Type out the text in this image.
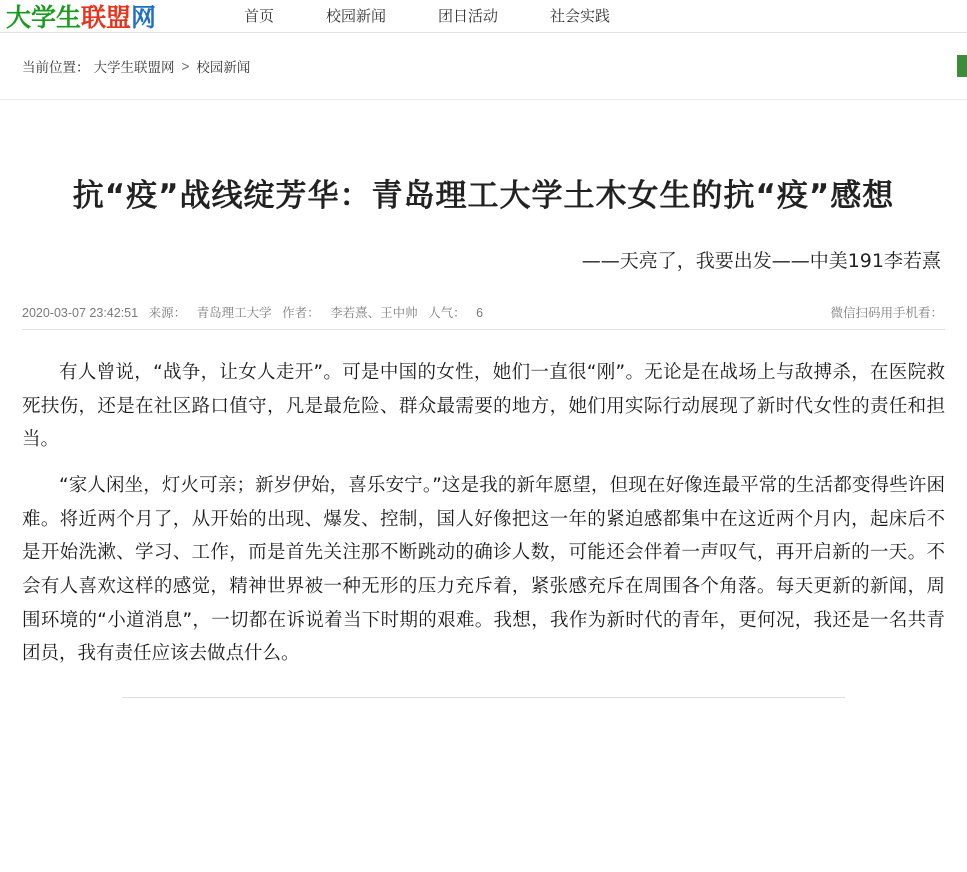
大学生 联盟 网	首页	校园新闻	团日活动	社会实践
当前位置： 大学生联盟网 > 校园新闻
抗“疫”战线绽芳华：青岛理工大学土木女生的抗“疫”感想
——天亮了，我要出发——中美191李若熹
2020-03-07 23:42:51 来源： 青岛理工大学 作者： 李若熹、王中帅 人气： 6	微信扫码用手机看：

有人曾说，“战争，让女人走开”。可是中国的女性，她们一直很“刚”。无论是在战场上与敌搏杀，在医院救死扶伤，还是在社区路口值守，凡是最危险、群众最需要的地方，她们用实际行动展现了新时代女性的责任和担当。

“家人闲坐，灯火可亲；新岁伊始，喜乐安宁。”这是我的新年愿望，但现在好像连最平常的生活都变得些许困难。将近两个月了，从开始的出现、爆发、控制，国人好像把这一年的紧迫感都集中在这近两个月内，起床后不是开始洗漱、学习、工作，而是首先关注那不断跳动的确诊人数，可能还会伴着一声叹气，再开启新的一天。不会有人喜欢这样的感觉，精神世界被一种无形的压力充斥着，紧张感充斥在周围各个角落。每天更新的新闻，周围环境的“小道消息”，一切都在诉说着当下时期的艰难。我想，我作为新时代的青年，更何况，我还是一名共青团员，我有责任应该去做点什么。
